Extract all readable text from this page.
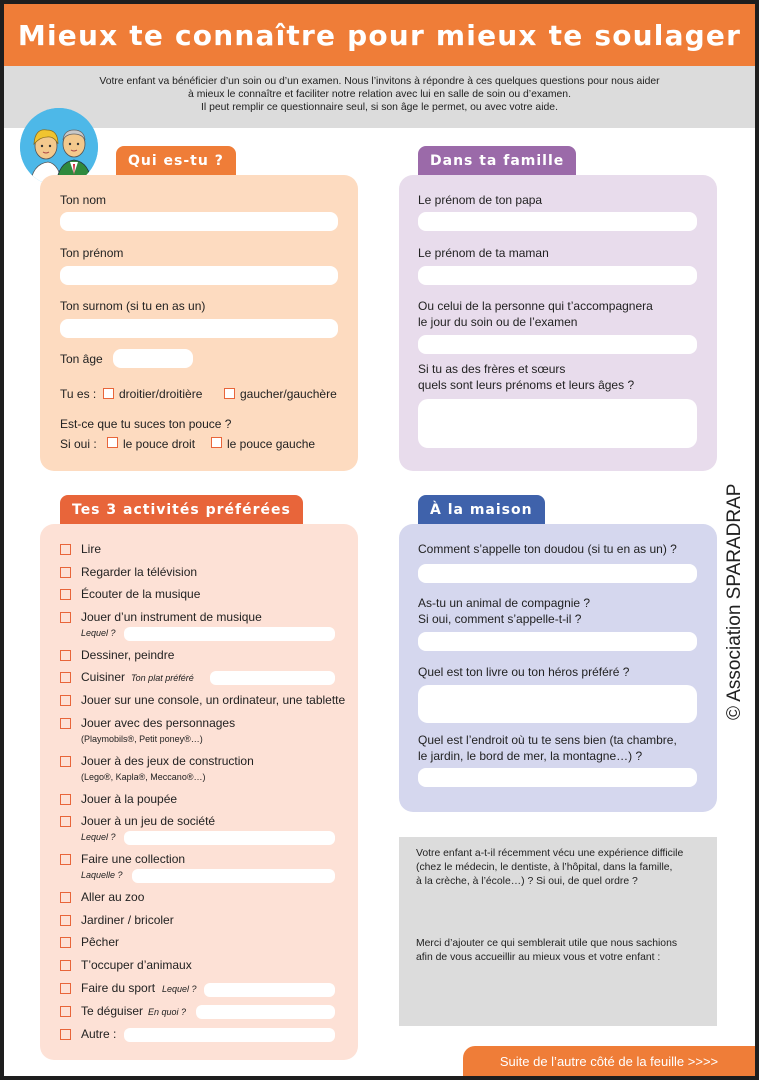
Mieux te connaître pour mieux te soulager

Votre enfant va bénéficier d’un soin ou d’un examen. Nous l’invitons à répondre à ces quelques questions pour nous aider

à mieux le connaître et faciliter notre relation avec lui en salle de soin ou d’examen.

Il peut remplir ce questionnaire seul, si son âge le permet, ou avec votre aide.

Qui es-tu ?
Ton nom
Ton prénom
Ton surnom (si tu en as un)
Ton âge
Tu es : droitier/droitière	gaucher/gauchère
Est-ce que tu suces ton pouce ?
Si oui : le pouce droit	le pouce gauche
Dans ta famille
Le prénom de ton papa
Le prénom de ta maman
Ou celui de la personne qui t’accompagnera
le jour du soin ou de l’examen
Si tu as des frères et sœurs
quels sont leurs prénoms et leurs âges ?
Tes 3 activités préférées
Lire
Regarder la télévision
Écouter de la musique
Jouer d’un instrument de musique
Lequel ?
Dessiner, peindre
Cuisiner Ton plat préféré
Jouer sur une console, un ordinateur, une tablette
Jouer avec des personnages
(Playmobils®, Petit poney®…)
Jouer à des jeux de construction
(Lego®, Kapla®, Meccano®…)
Jouer à la poupée
Jouer à un jeu de société
Lequel ?
Faire une collection
Laquelle ?
Aller au zoo
Jardiner / bricoler
Pêcher
T’occuper d’animaux
Faire du sport Lequel ?
Te déguiser En quoi ?
Autre :
À la maison
Comment s’appelle ton doudou (si tu en as un) ?
As-tu un animal de compagnie ?
Si oui, comment s’appelle-t-il ?
Quel est ton livre ou ton héros préféré ?
Quel est l’endroit où tu te sens bien (ta chambre,
le jardin, le bord de mer, la montagne…) ?

Votre enfant a-t-il récemment vécu une expérience difficile
(chez le médecin, le dentiste, à l’hôpital, dans la famille,
à la crèche, à l’école…) ? Si oui, de quel ordre ?

Merci d’ajouter ce qui semblerait utile que nous sachions
afin de vous accueillir au mieux vous et votre enfant :

© Association SPARADRAP
Suite de l’autre côté de la feuille >>>>
